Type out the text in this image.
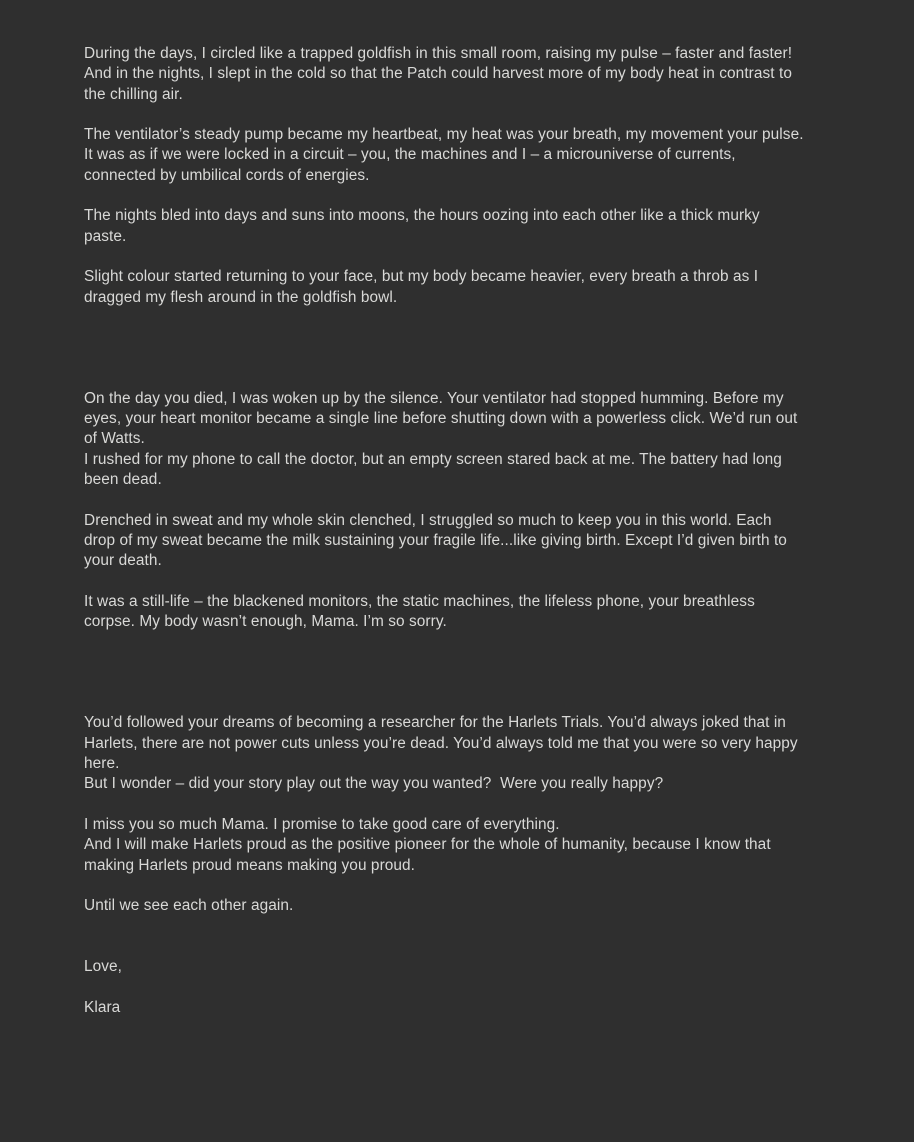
During the days, I circled like a trapped goldfish in this small room, raising my pulse – faster and faster! And in the nights, I slept in the cold so that the Patch could harvest more of my body heat in contrast to the chilling air.

The ventilator’s steady pump became my heartbeat, my heat was your breath, my movement your pulse. It was as if we were locked in a circuit – you, the machines and I – a microuniverse of currents, connected by umbilical cords of energies.

The nights bled into days and suns into moons, the hours oozing into each other like a thick murky paste.

Slight colour started returning to your face, but my body became heavier, every breath a throb as I dragged my flesh around in the goldfish bowl.

On the day you died, I was woken up by the silence. Your ventilator had stopped humming. Before my eyes, your heart monitor became a single line before shutting down with a powerless click. We’d run out of Watts.

I rushed for my phone to call the doctor, but an empty screen stared back at me. The battery had long been dead.

Drenched in sweat and my whole skin clenched, I struggled so much to keep you in this world. Each drop of my sweat became the milk sustaining your fragile life...like giving birth. Except I’d given birth to your death.

It was a still-life – the blackened monitors, the static machines, the lifeless phone, your breathless corpse. My body wasn’t enough, Mama. I’m so sorry.

You’d followed your dreams of becoming a researcher for the Harlets Trials. You’d always joked that in Harlets, there are not power cuts unless you’re dead. You’d always told me that you were so very happy here.

But I wonder – did your story play out the way you wanted?  Were you really happy?

I miss you so much Mama. I promise to take good care of everything.

And I will make Harlets proud as the positive pioneer for the whole of humanity, because I know that making Harlets proud means making you proud.

Until we see each other again.

Love,

Klara
